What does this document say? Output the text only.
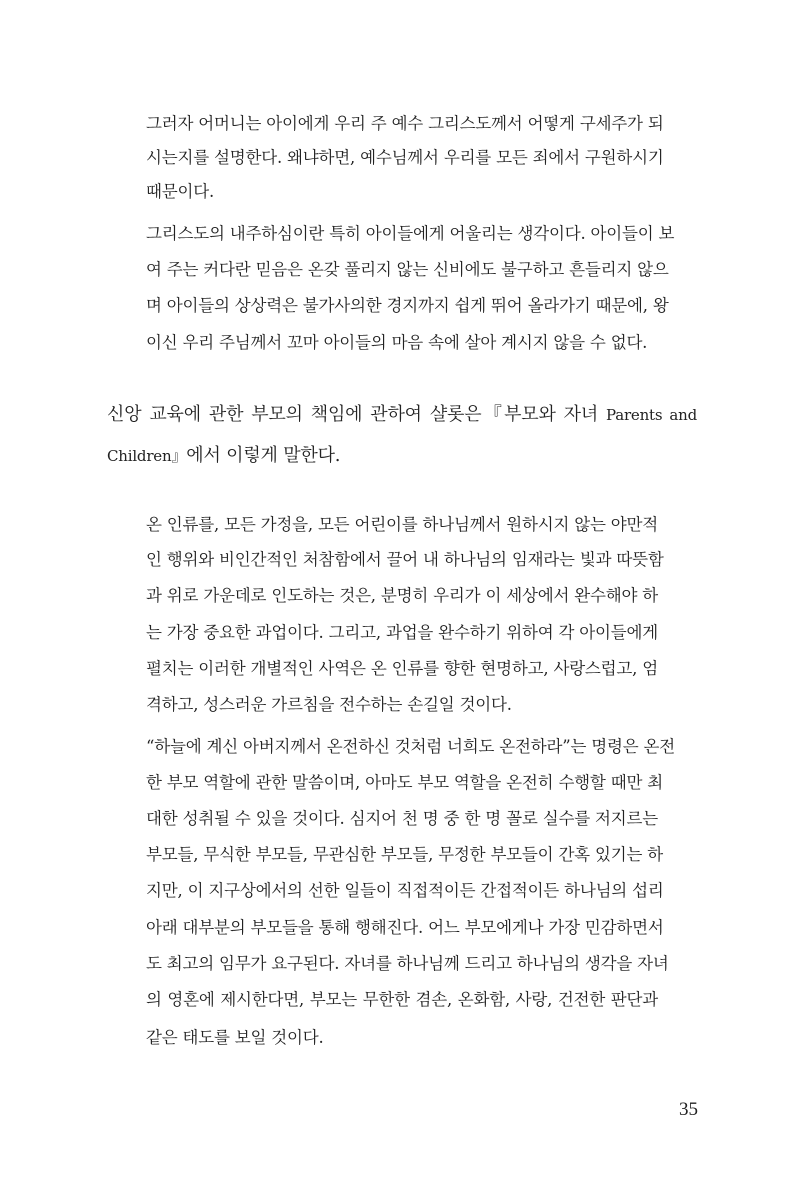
그러자 어머니는 아이에게 우리 주 예수 그리스도께서 어떻게 구세주가 되
시는지를 설명한다. 왜냐하면, 예수님께서 우리를 모든 죄에서 구원하시기
때문이다.
그리스도의 내주하심이란 특히 아이들에게 어울리는 생각이다. 아이들이 보
여 주는 커다란 믿음은 온갖 풀리지 않는 신비에도 불구하고 흔들리지 않으
며 아이들의 상상력은 불가사의한 경지까지 쉽게 뛰어 올라가기 때문에, 왕
이신 우리 주님께서 꼬마 아이들의 마음 속에 살아 계시지 않을 수 없다.
신앙 교육에 관한 부모의 책임에 관하여 샬롯은『부모와 자녀 Parents and
Children』에서 이렇게 말한다.
온 인류를, 모든 가정을, 모든 어린이를 하나님께서 원하시지 않는 야만적
인 행위와 비인간적인 처참함에서 끌어 내 하나님의 임재라는 빛과 따뜻함
과 위로 가운데로 인도하는 것은, 분명히 우리가 이 세상에서 완수해야 하
는 가장 중요한 과업이다. 그리고, 과업을 완수하기 위하여 각 아이들에게
펼치는 이러한 개별적인 사역은 온 인류를 향한 현명하고, 사랑스럽고, 엄
격하고, 성스러운 가르침을 전수하는 손길일 것이다.
“하늘에 계신 아버지께서 온전하신 것처럼 너희도 온전하라”는 명령은 온전
한 부모 역할에 관한 말씀이며, 아마도 부모 역할을 온전히 수행할 때만 최
대한 성취될 수 있을 것이다. 심지어 천 명 중 한 명 꼴로 실수를 저지르는
부모들, 무식한 부모들, 무관심한 부모들, 무정한 부모들이 간혹 있기는 하
지만, 이 지구상에서의 선한 일들이 직접적이든 간접적이든 하나님의 섭리
아래 대부분의 부모들을 통해 행해진다. 어느 부모에게나 가장 민감하면서
도 최고의 임무가 요구된다. 자녀를 하나님께 드리고 하나님의 생각을 자녀
의 영혼에 제시한다면, 부모는 무한한 겸손, 온화함, 사랑, 건전한 판단과
같은 태도를 보일 것이다.
35
